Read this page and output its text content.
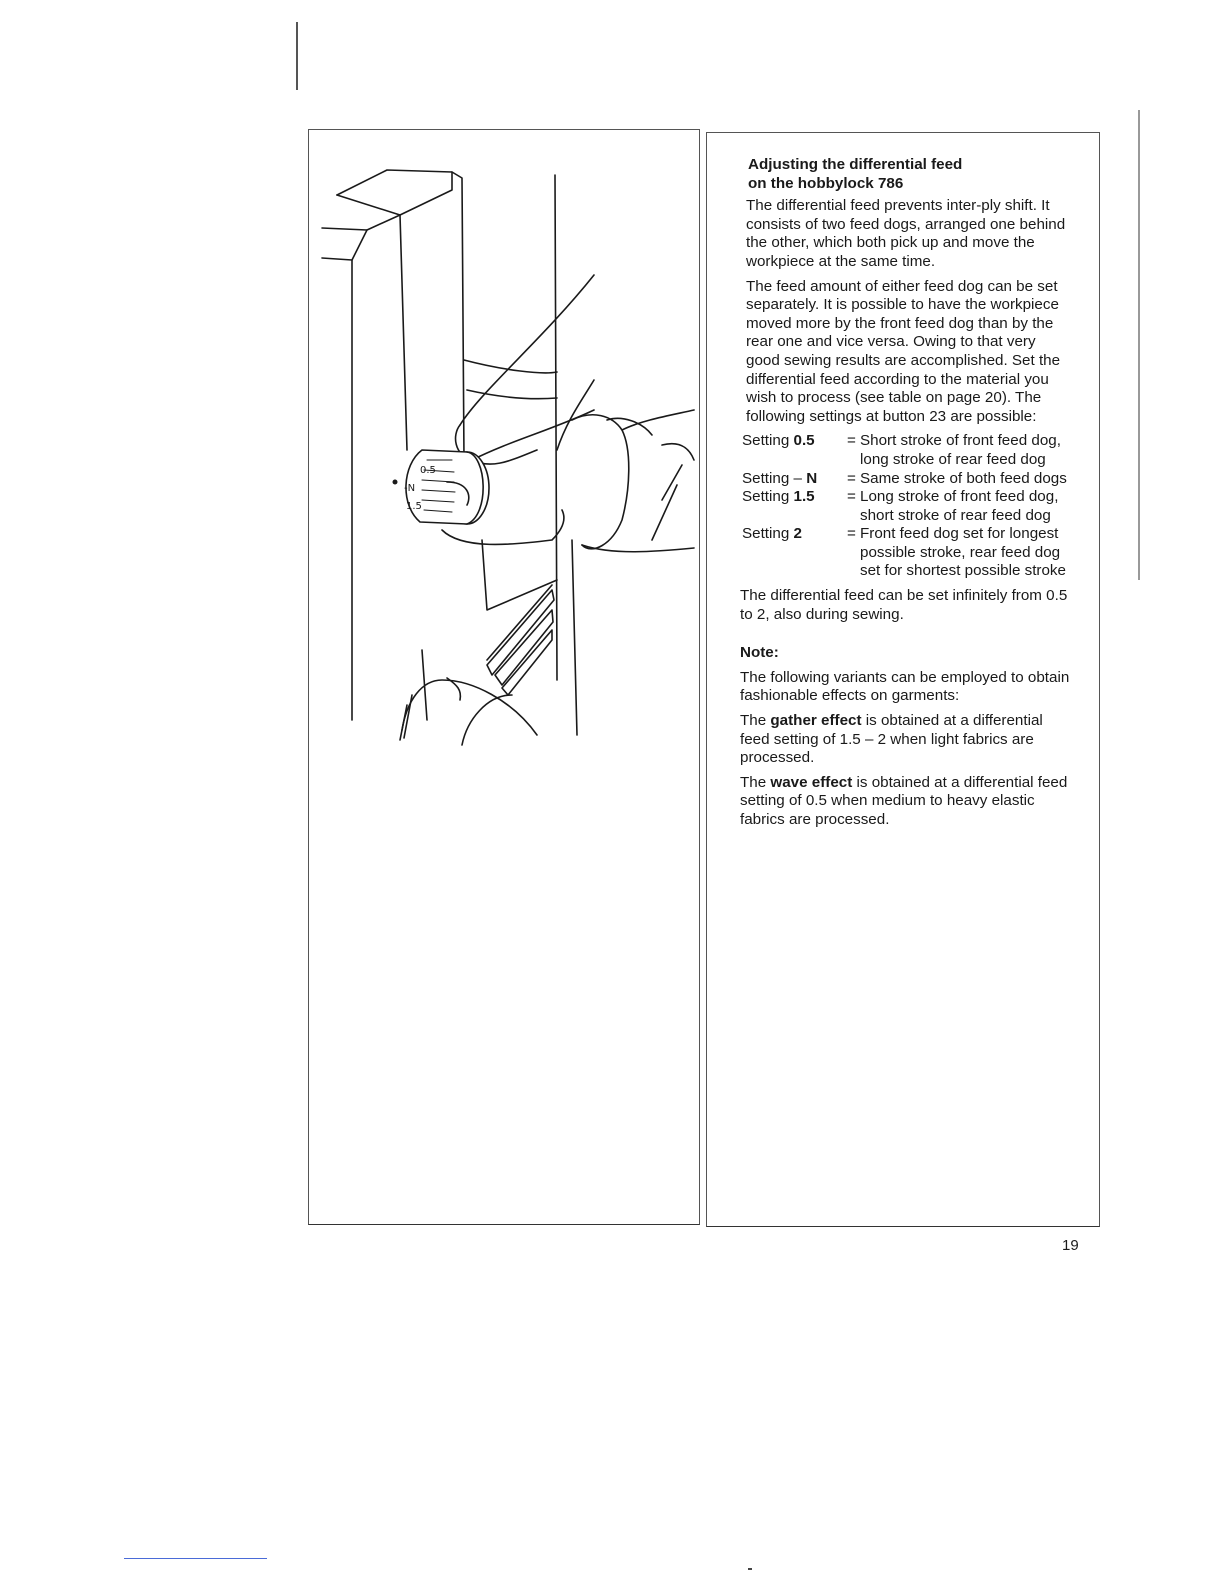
0.5
-N
1.5
Adjusting the differential feed
on the hobbylock 786

The differential feed prevents inter-ply shift. It consists of two feed dogs, arranged one behind the other, which both pick up and move the workpiece at the same time.

The feed amount of either feed dog can be set separately. It is possible to have the workpiece moved more by the front feed dog than by the rear one and vice versa. Owing to that very good sewing results are accomplished. Set the differential feed according to the material you wish to process (see table on page 20). The following settings at button 23 are possible:

Setting 0.5	= Short stroke of front feed dog, long stroke of rear feed dog
Setting – N	= Same stroke of both feed dogs
Setting 1.5	= Long stroke of front feed dog, short stroke of rear feed dog
Setting 2	= Front feed dog set for longest possible stroke, rear feed dog set for shortest possible stroke

The differential feed can be set infinitely from 0.5 to 2, also during sewing.

Note:

The following variants can be employed to obtain fashionable effects on garments:

The gather effect is obtained at a differential feed setting of 1.5 – 2 when light fabrics are processed.

The wave effect is obtained at a differential feed setting of 0.5 when medium to heavy elastic fabrics are processed.

19
